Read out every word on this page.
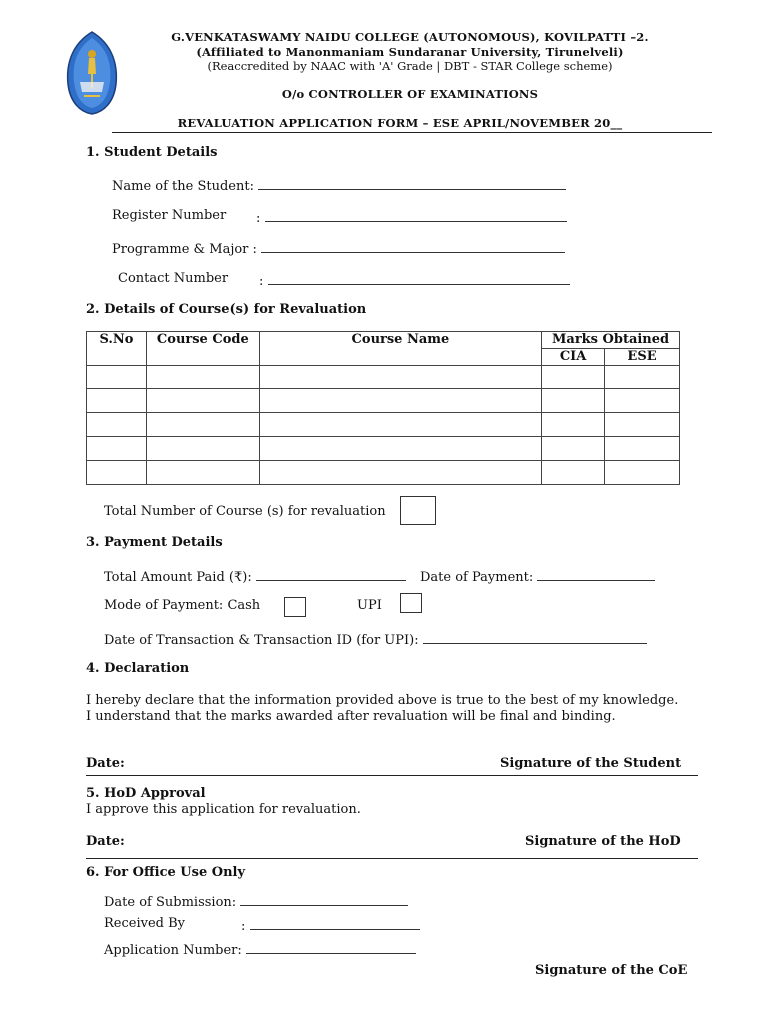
G.VENKATASWAMY NAIDU COLLEGE (AUTONOMOUS), KOVILPATTI –2.
(Affiliated to Manonmaniam Sundaranar University, Tirunelveli)
(Reaccredited by NAAC with 'A' Grade | DBT - STAR College scheme)
O/o CONTROLLER OF EXAMINATIONS
REVALUATION APPLICATION FORM – ESE APRIL/NOVEMBER 20__
1. Student Details
Name of the Student:
Register Number :
Programme & Major :
Contact Number :
2. Details of Course(s) for Revaluation
S.No	Course Code	Course Name	Marks Obtained	
			CIA	ESE

Total Number of Course (s) for revaluation
3. Payment Details
Total Amount Paid (₹):	Date of Payment:
Mode of Payment: Cash	UPI
Date of Transaction & Transaction ID (for UPI):
4. Declaration
I hereby declare that the information provided above is true to the best of my knowledge.
I understand that the marks awarded after revaluation will be final and binding.
Date:	Signature of the Student
5. HoD Approval
I approve this application for revaluation.
Date:	Signature of the HoD
6. For Office Use Only
Date of Submission:
Received By	:
Application Number:
Signature of the CoE
